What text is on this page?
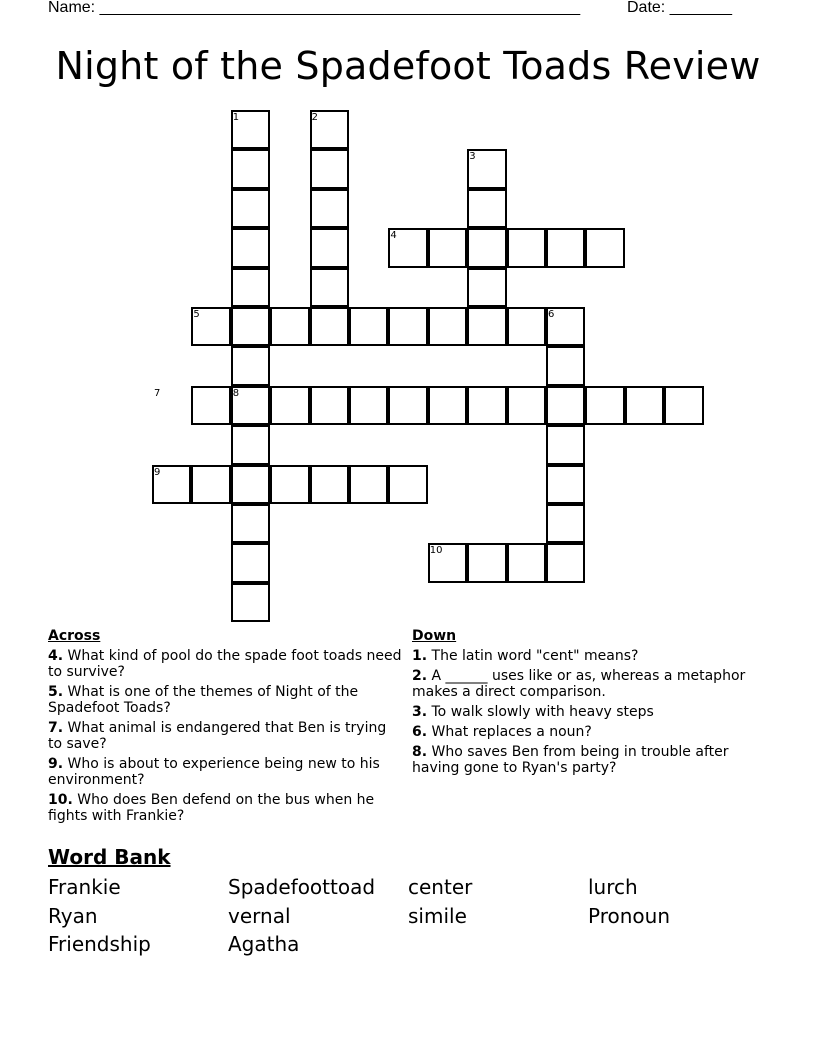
Name: ______________________________________________________	Date: _______
Night of the Spadefoot Toads Review
1	2
3
4
5	6
7	8
9
10
Across
4. What kind of pool do the spade foot toads need to survive?
5. What is one of the themes of Night of the Spadefoot Toads?
7. What animal is endangered that Ben is trying to save?
9. Who is about to experience being new to his environment?
10. Who does Ben defend on the bus when he fights with Frankie?
Down
1. The latin word "cent" means?
2. A ______ uses like or as, whereas a metaphor makes a direct comparison.
3. To walk slowly with heavy steps
6. What replaces a noun?
8. Who saves Ben from being in trouble after having gone to Ryan's party?
Word Bank
Frankie	Spadefoottoad	center	lurch
Ryan	vernal	simile	Pronoun
Friendship	Agatha
